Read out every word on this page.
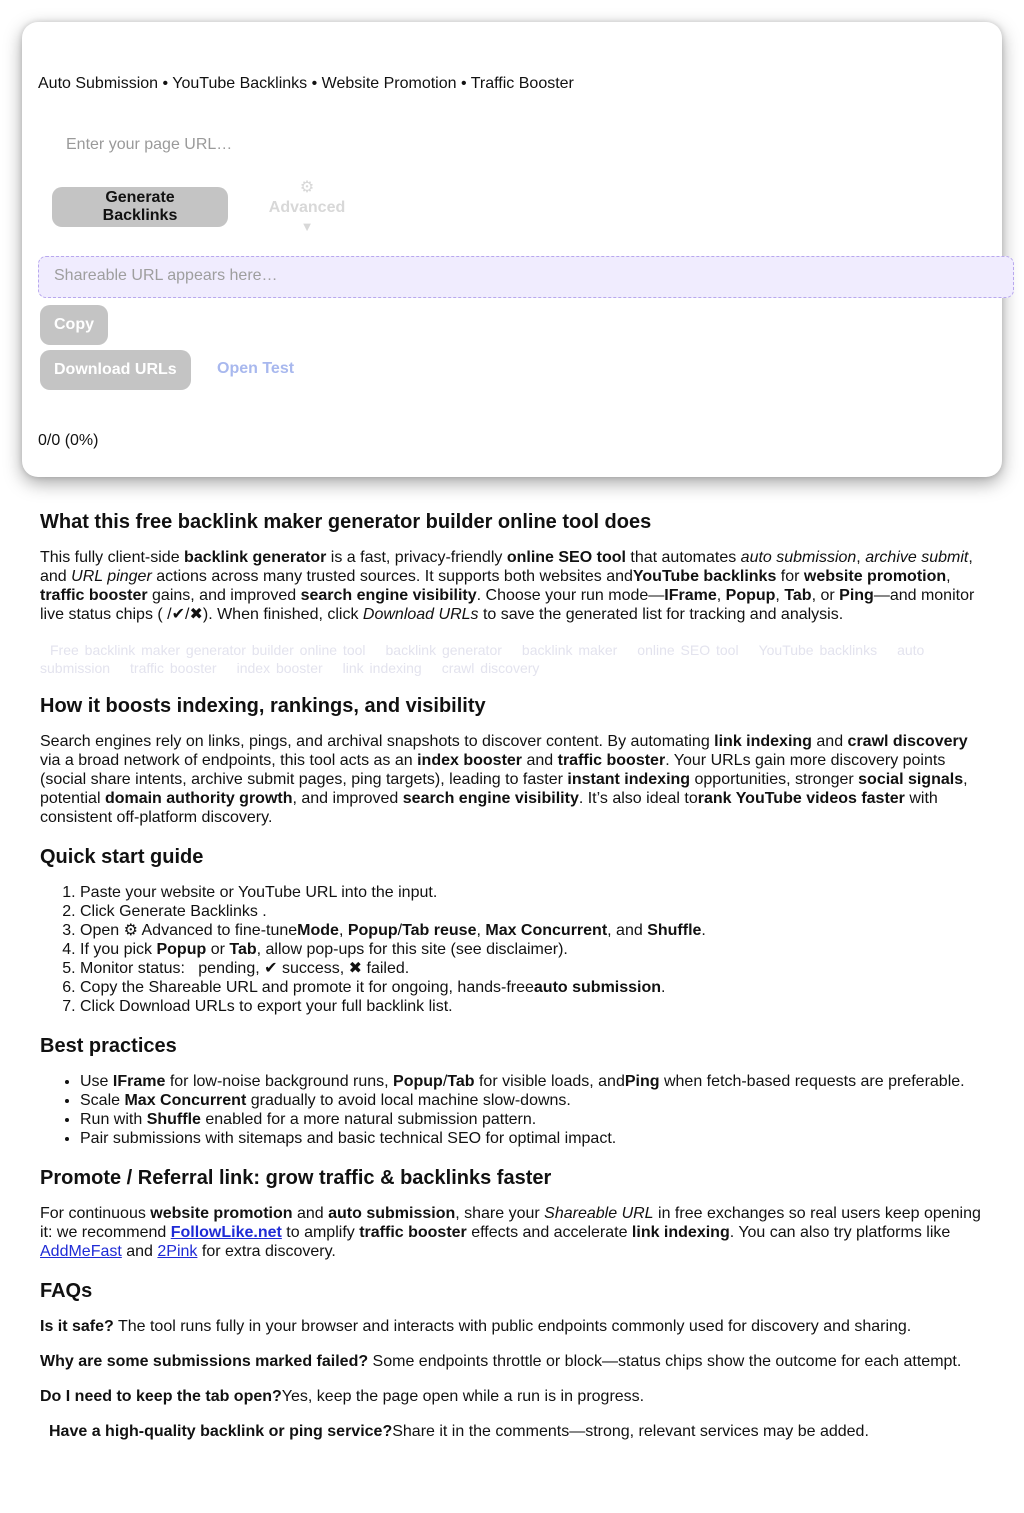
Auto Submission • YouTube Backlinks • Website Promotion • Traffic Booster
Enter your page URL…
Generate Backlinks
⚙ Advanced
▼
Shareable URL appears here…
Copy
Download URLs	Open Test
0/0 (0%)
What this free backlink maker generator builder online tool does

This fully client-side backlink generator is a fast, privacy-friendly online SEO tool that automates auto submission, archive submit, and URL pinger actions across many trusted sources. It supports both websites andYouTube backlinks for website promotion, traffic booster gains, and improved search engine visibility. Choose your run mode—IFrame, Popup, Tab, or Ping—and monitor live status chips ( /✔/✖). When finished, click Download URLs to save the generated list for tracking and analysis.

Free backlink maker generator builder online tool backlink generator backlink maker online SEO tool YouTube backlinks auto submission traffic booster index booster link indexing crawl discovery
How it boosts indexing, rankings, and visibility

Search engines rely on links, pings, and archival snapshots to discover content. By automating link indexing and crawl discovery via a broad network of endpoints, this tool acts as an index booster and traffic booster. Your URLs gain more discovery points (social share intents, archive submit pages, ping targets), leading to faster instant indexing opportunities, stronger social signals, potential domain authority growth, and improved search engine visibility. It’s also ideal torank YouTube videos faster with consistent off-platform discovery.

Quick start guide
1. Paste your website or YouTube URL into the input.
2. Click Generate Backlinks .
3. Open ⚙ Advanced to fine-tuneMode, Popup/Tab reuse, Max Concurrent, and Shuffle.
4. If you pick Popup or Tab, allow pop-ups for this site (see disclaimer).
5. Monitor status:   pending, ✔ success, ✖ failed.
6. Copy the Shareable URL and promote it for ongoing, hands-freeauto submission.
7. Click Download URLs to export your full backlink list.
Best practices
• Use IFrame for low-noise background runs, Popup/Tab for visible loads, andPing when fetch-based requests are preferable.
• Scale Max Concurrent gradually to avoid local machine slow-downs.
• Run with Shuffle enabled for a more natural submission pattern.
• Pair submissions with sitemaps and basic technical SEO for optimal impact.
Promote / Referral link: grow traffic & backlinks faster

For continuous website promotion and auto submission, share your Shareable URL in free exchanges so real users keep opening it: we recommend FollowLike.net to amplify traffic booster effects and accelerate link indexing. You can also try platforms like AddMeFast and 2Pink for extra discovery.

FAQs

Is it safe? The tool runs fully in your browser and interacts with public endpoints commonly used for discovery and sharing.

Why are some submissions marked failed? Some endpoints throttle or block—status chips show the outcome for each attempt.

Do I need to keep the tab open?Yes, keep the page open while a run is in progress.

Have a high-quality backlink or ping service?Share it in the comments—strong, relevant services may be added.
